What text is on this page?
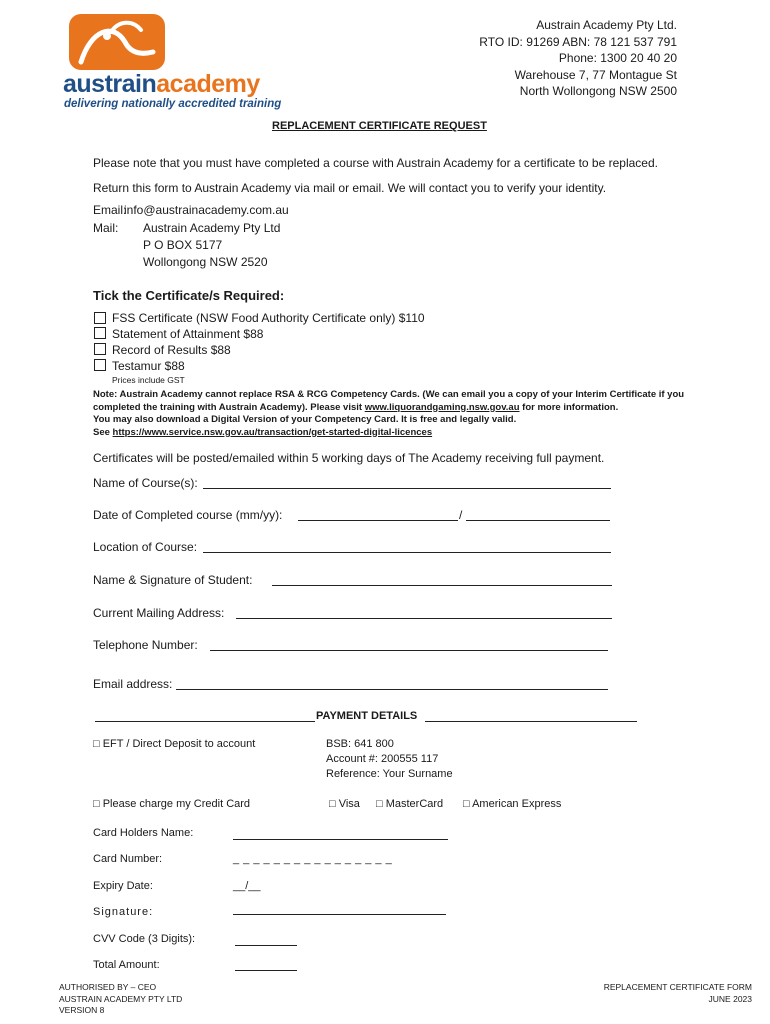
austrainacademy
delivering nationally accredited training
Austrain Academy Pty Ltd.
RTO ID: 91269 ABN: 78 121 537 791
Phone: 1300 20 40 20
Warehouse 7, 77 Montague St
North Wollongong NSW 2500
REPLACEMENT CERTIFICATE REQUEST
Please note that you must have completed a course with Austrain Academy for a certificate to be replaced.
Return this form to Austrain Academy via mail or email. We will contact you to verify your identity.
Email:
info@austrainacademy.com.au
Mail: Austrain Academy Pty Ltd
P O BOX 5177
Wollongong NSW 2520
Tick the Certificate/s Required:
FSS Certificate (NSW Food Authority Certificate only) $110
Statement of Attainment $88
Record of Results $88
Testamur $88
Prices include GST
Note: Austrain Academy cannot replace RSA & RCG Competency Cards. (We can email you a copy of your Interim Certificate if you
completed the training with Austrain Academy). Please visit www.liquorandgaming.nsw.gov.au for more information.
You may also download a Digital Version of your Competency Card. It is free and legally valid.
See https://www.service.nsw.gov.au/transaction/get-started-digital-licences
Certificates will be posted/emailed within 5 working days of The Academy receiving full payment.
Name of Course(s):
Date of Completed course (mm/yy):	/
Location of Course:
Name & Signature of Student:
Current Mailing Address:
Telephone Number:
Email address:
PAYMENT DETAILS
□ EFT / Direct Deposit to account	BSB: 641 800
Account #: 200555 117
Reference: Your Surname
□ Please charge my Credit Card	□ Visa □ MasterCard □ American Express
Card Holders Name:
Card Number:	_ _ _ _ _ _ _ _ _ _ _ _ _ _ _ _
Expiry Date:	__/__
Signature:
CVV Code (3 Digits):
Total Amount:
AUTHORISED BY – CEO
AUSTRAIN ACADEMY PTY LTD
VERSION 8
REPLACEMENT CERTIFICATE FORM
JUNE 2023
